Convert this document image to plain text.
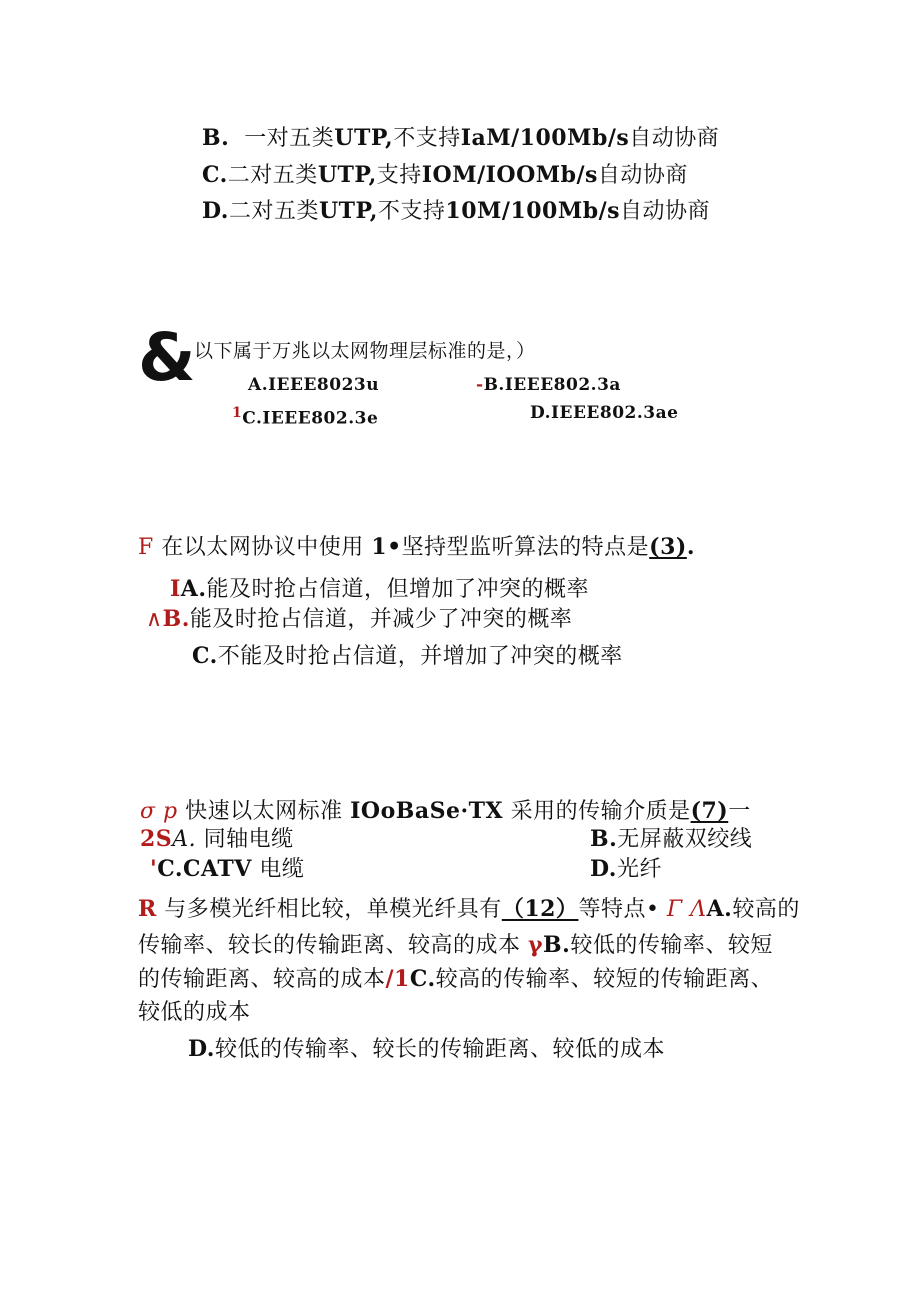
B. 一对五类UTP,不支持IaM/100Mb/s自动协商
C.二对五类UTP,支持IOM/IOOMb/s自动协商
D.二对五类UTP,不支持10M/100Mb/s自动协商
&
以下属于万兆以太网物理层标准的是，）
A.IEEE8023u	-B.IEEE802.3a
$^1$C.IEEE802.3e	D.IEEE802.3ae
F 在以太网协议中使用 1•坚持型监听算法的特点是(3).
IA.能及时抢占信道，但增加了冲突的概率
∧B.能及时抢占信道，并减少了冲突的概率
C.不能及时抢占信道，并增加了冲突的概率
σ p 快速以太网标准 IOoBaSe·TX 采用的传输介质是(7)一
2SA. 同轴电缆	B.无屏蔽双绞线
'C.CATV 电缆	D.光纤
R 与多模光纤相比较，单模光纤具有（12）等特点• Γ ΛA.较高的
传输率、较长的传输距离、较高的成本 γB.较低的传输率、较短
的传输距离、较高的成本/1C.较高的传输率、较短的传输距离、
较低的成本
D.较低的传输率、较长的传输距离、较低的成本
